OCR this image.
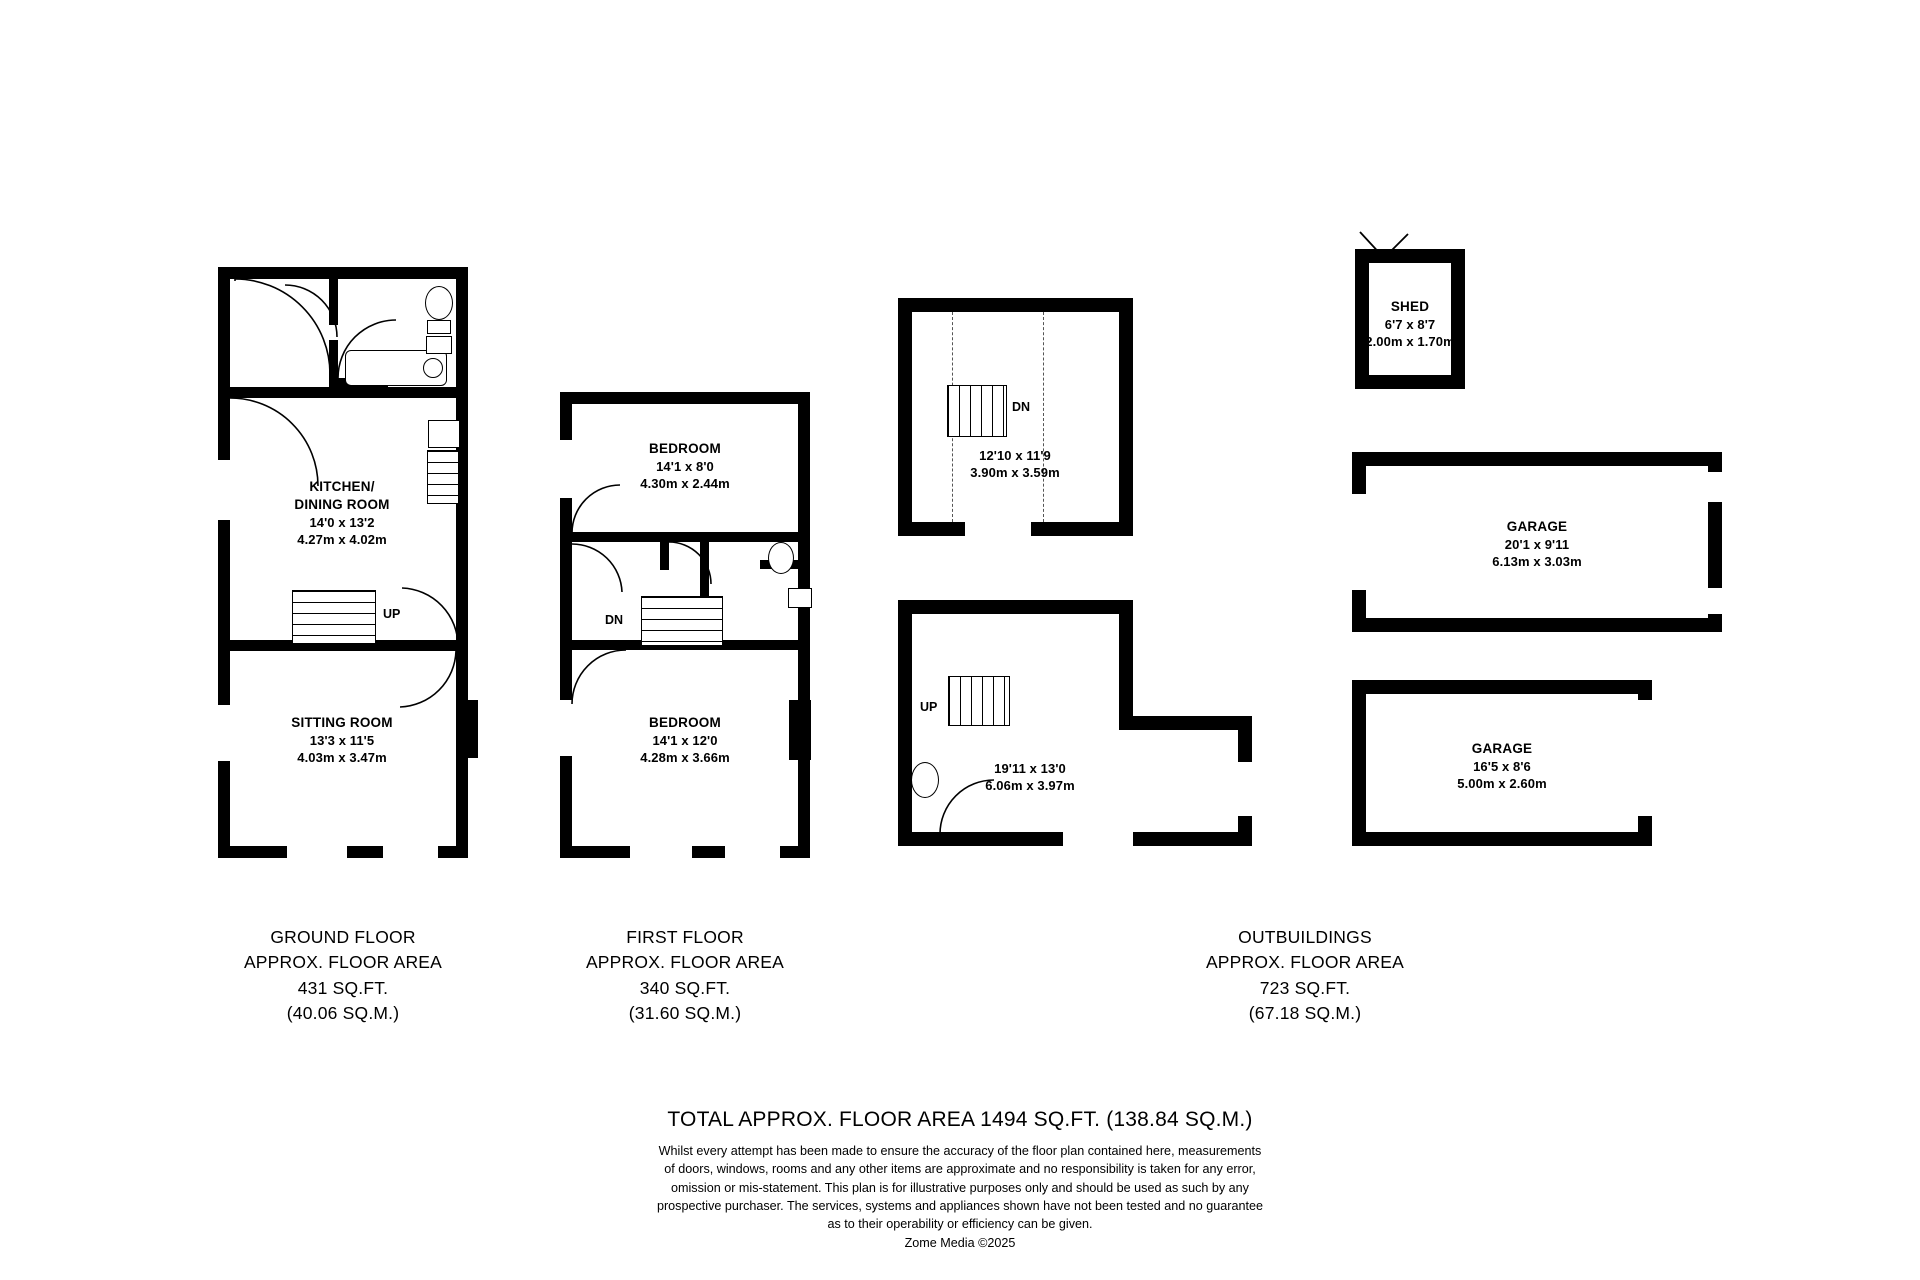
UP
KITCHEN/
DINING ROOM
14'0 x 13'2
4.27m x 4.02m
SITTING ROOM
13'3 x 11'5
4.03m x 3.47m
DN
BEDROOM
14'1 x 8'0
4.30m x 2.44m
BEDROOM
14'1 x 12'0
4.28m x 3.66m
DN
12'10 x 11'9
3.90m x 3.59m
UP
19'11 x 13'0
6.06m x 3.97m
SHED
6'7 x 8'7
2.00m x 1.70m
GARAGE
20'1 x 9'11
6.13m x 3.03m
GARAGE
16'5 x 8'6
5.00m x 2.60m
GROUND FLOOR
APPROX. FLOOR AREA
431 SQ.FT.
(40.06 SQ.M.)
FIRST FLOOR
APPROX. FLOOR AREA
340 SQ.FT.
(31.60 SQ.M.)
OUTBUILDINGS
APPROX. FLOOR AREA
723 SQ.FT.
(67.18 SQ.M.)
TOTAL APPROX. FLOOR AREA 1494 SQ.FT. (138.84 SQ.M.)
Whilst every attempt has been made to ensure the accuracy of the floor plan contained here, measurements
of doors, windows, rooms and any other items are approximate and no responsibility is taken for any error,
omission or mis-statement. This plan is for illustrative purposes only and should be used as such by any
prospective purchaser. The services, systems and appliances shown have not been tested and no guarantee
as to their operability or efficiency can be given.
Zome Media ©2025
